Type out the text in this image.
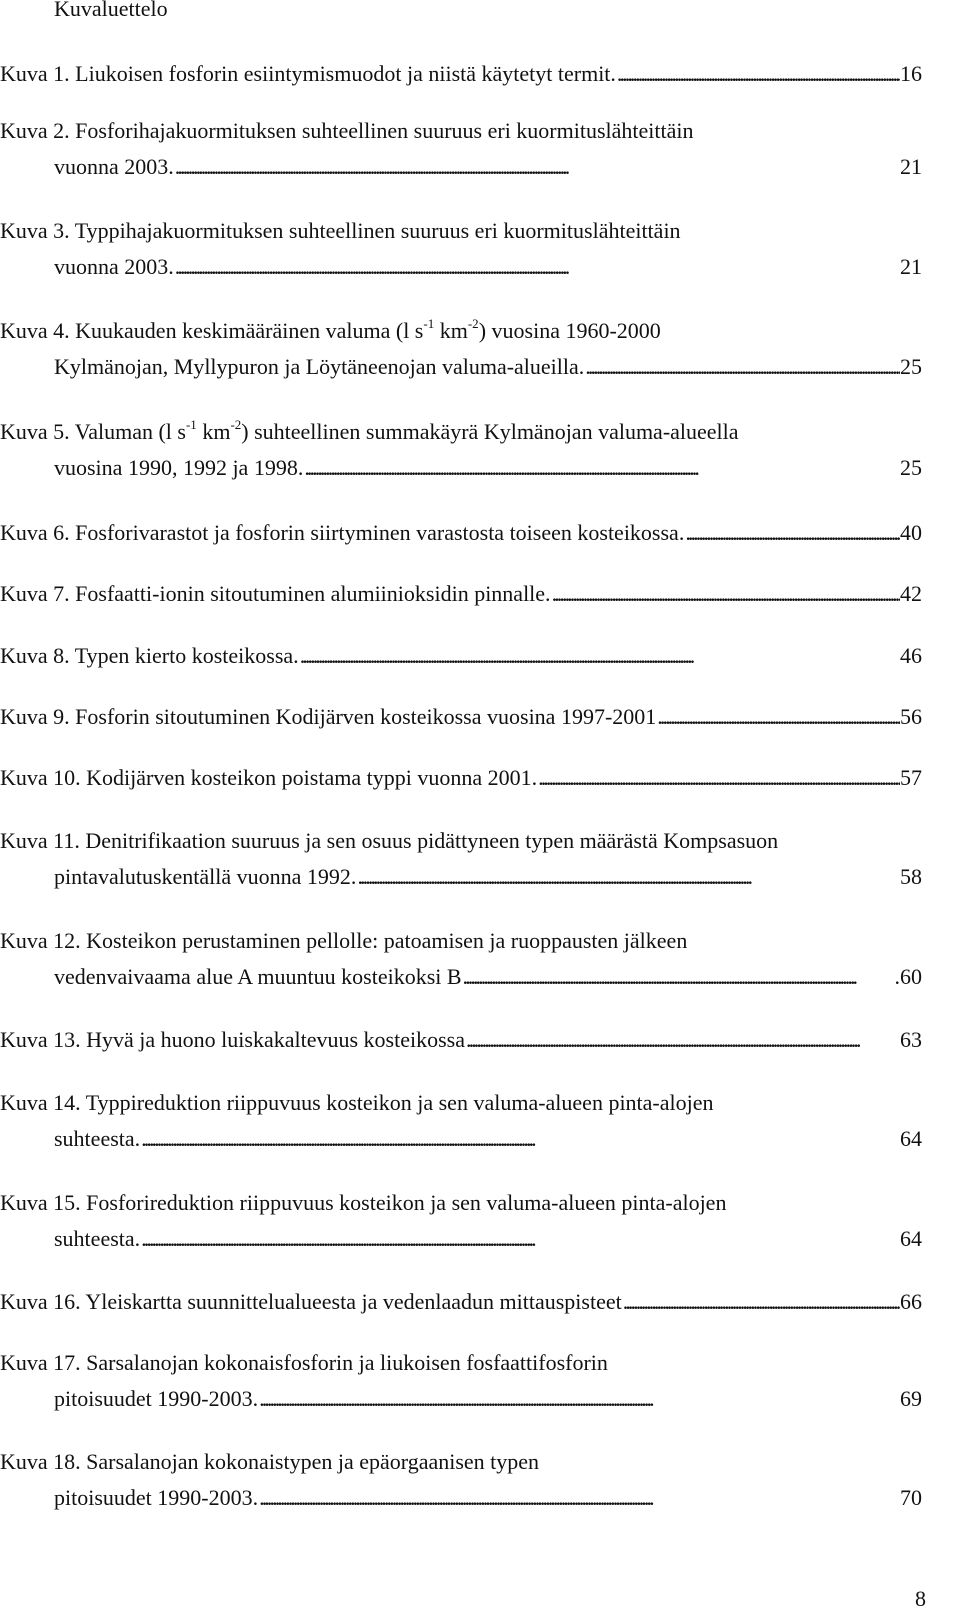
Kuvaluettelo
Kuva 1. Liukoisen fosforin esiintymismuodot ja niistä käytetyt termit. . . .	16
Kuva 2. Fosforihajakuormituksen suhteellinen suuruus eri kuormituslähteittäin
vuonna 2003. . . .	21
Kuva 3. Typpihajakuormituksen suhteellinen suuruus eri kuormituslähteittäin
vuonna 2003. . . .	21
Kuva 4. Kuukauden keskimääräinen valuma (l $s^{-1}$ $km^{-2}$) vuosina 1960-2000
Kylmänojan, Myllypuron ja Löytäneenojan valuma-alueilla. . . .	25
Kuva 5. Valuman (l $s^{-1}$ $km^{-2}$) suhteellinen summakäyrä Kylmänojan valuma-alueella
vuosina 1990, 1992 ja 1998. . . .	25
Kuva 6. Fosforivarastot ja fosforin siirtyminen varastosta toiseen kosteikossa. . . .	40
Kuva 7. Fosfaatti-ionin sitoutuminen alumiinioksidin pinnalle. . . .	42
Kuva 8. Typen kierto kosteikossa. . . .	46
Kuva 9. Fosforin sitoutuminen Kodijärven kosteikossa vuosina 1997-2001 . . .	56
Kuva 10. Kodijärven kosteikon poistama typpi vuonna 2001. . . .	57
Kuva 11. Denitrifikaation suuruus ja sen osuus pidättyneen typen määrästä Kompsasuon
pintavalutuskentällä vuonna 1992. . . .	58
Kuva 12. Kosteikon perustaminen pellolle: patoamisen ja ruoppausten jälkeen
vedenvaivaama alue A muuntuu kosteikoksi B . . .	.60
Kuva 13. Hyvä ja huono luiskakaltevuus kosteikossa . . .	63
Kuva 14. Typpireduktion riippuvuus kosteikon ja sen valuma-alueen pinta-alojen
suhteesta. . . .	64
Kuva 15. Fosforireduktion riippuvuus kosteikon ja sen valuma-alueen pinta-alojen
suhteesta. . . .	64
Kuva 16. Yleiskartta suunnittelualueesta ja vedenlaadun mittauspisteet . . .	66
Kuva 17. Sarsalanojan kokonaisfosforin ja liukoisen fosfaattifosforin
pitoisuudet 1990-2003. . . .	69
Kuva 18. Sarsalanojan kokonaistypen ja epäorgaanisen typen
pitoisuudet 1990-2003. . . .	70
8
